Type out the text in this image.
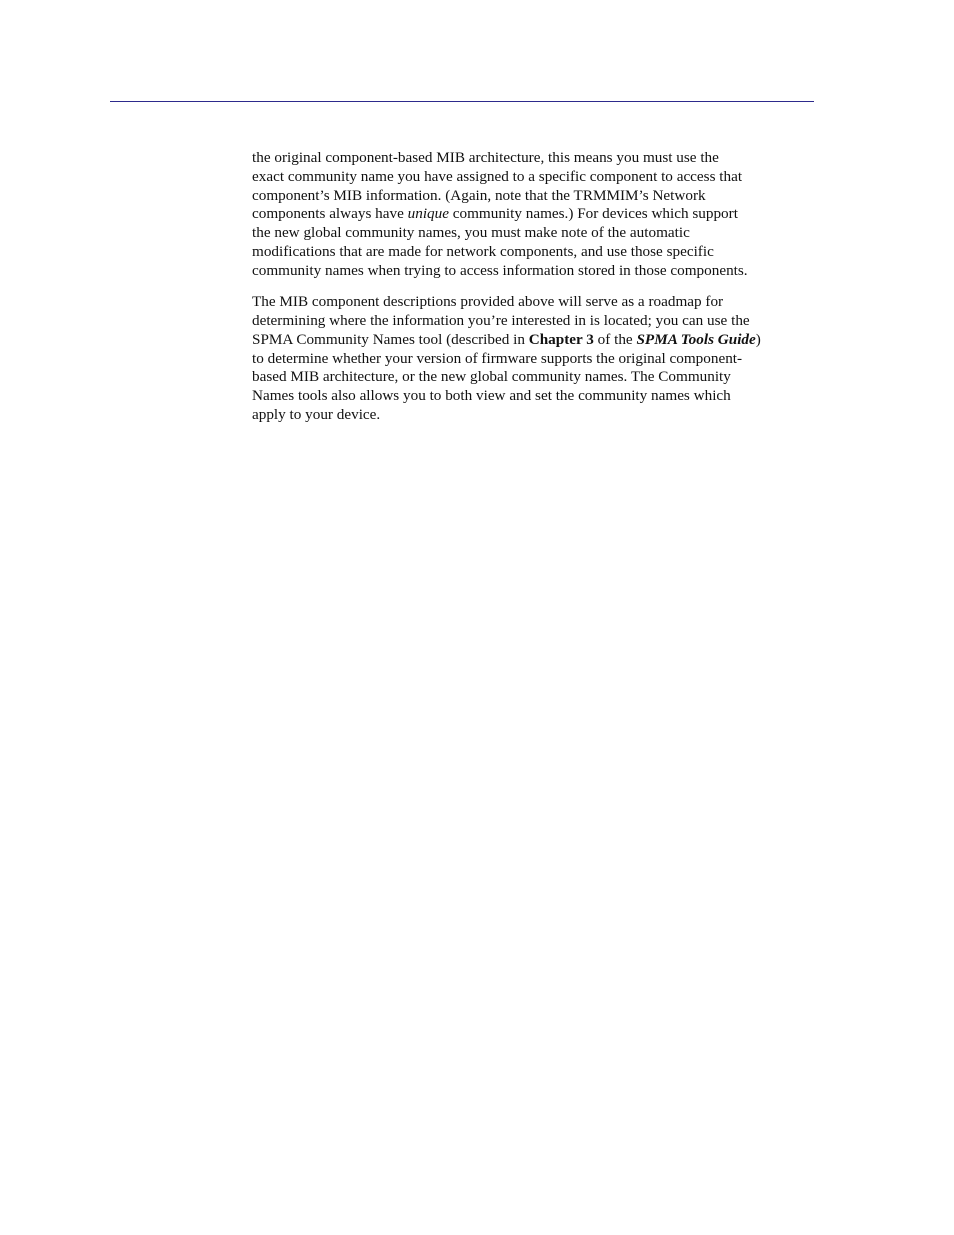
the original component-based MIB architecture, this means you must use the
exact community name you have assigned to a specific component to access that
component’s MIB information. (Again, note that the TRMMIM’s Network
components always have unique community names.) For devices which support
the new global community names, you must make note of the automatic
modifications that are made for network components, and use those specific
community names when trying to access information stored in those components.

The MIB component descriptions provided above will serve as a roadmap for
determining where the information you’re interested in is located; you can use the
SPMA Community Names tool (described in Chapter 3 of the SPMA Tools Guide)
to determine whether your version of firmware supports the original component-
based MIB architecture, or the new global community names. The Community
Names tools also allows you to both view and set the community names which
apply to your device.
